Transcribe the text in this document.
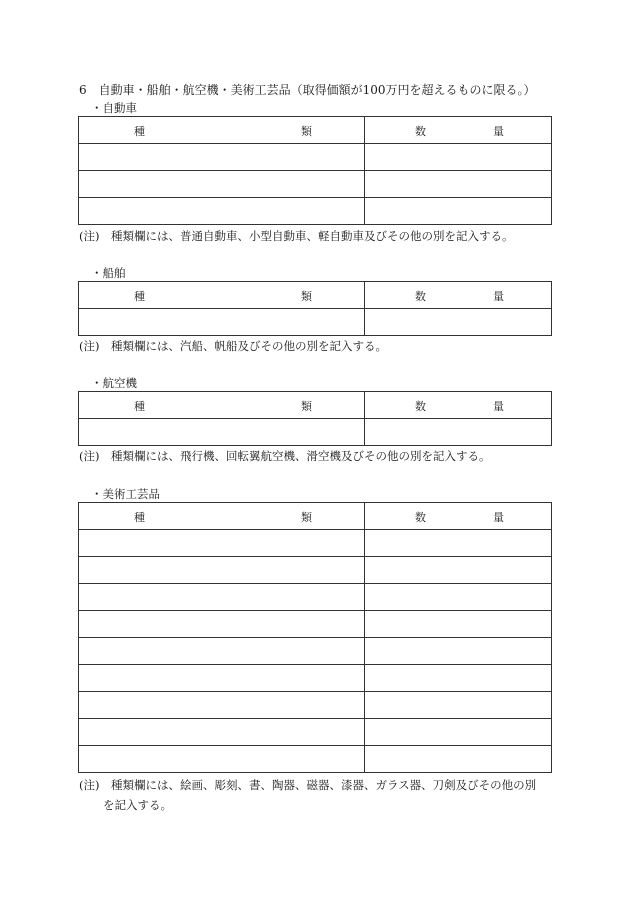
6　自動車・船舶・航空機・美術工芸品（取得価額が100万円を超えるものに限る。）
・自動車
種 類	数 量

(注)　種類欄には、普通自動車、小型自動車、軽自動車及びその他の別を記入する。
・船舶
種 類	数 量

(注)　種類欄には、汽船、帆船及びその他の別を記入する。
・航空機
種 類	数 量

(注)　種類欄には、飛行機、回転翼航空機、滑空機及びその他の別を記入する。
・美術工芸品
種 類	数 量

(注)　種類欄には、絵画、彫刻、書、陶器、磁器、漆器、ガラス器、刀剣及びその他の別
を記入する。
